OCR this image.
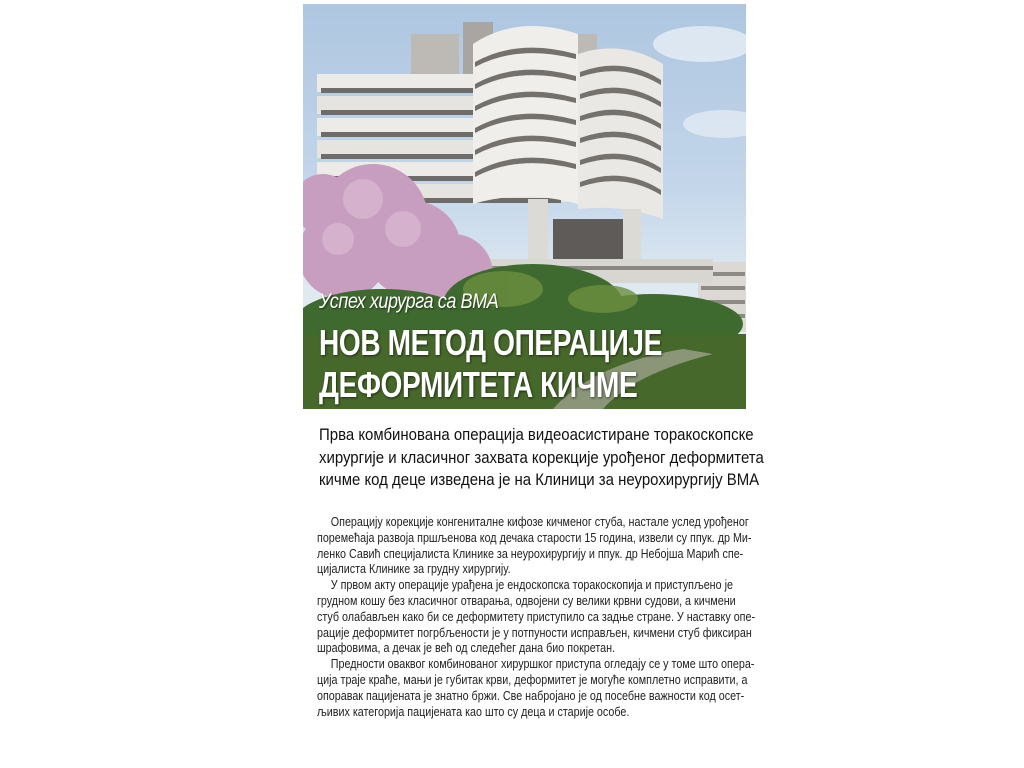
Успех хирурга са ВМА
НОВ МЕТОД ОПЕРАЦИЈЕ
ДЕФОРМИТЕТА КИЧМЕ
Прва комбинована операција видеоасистиране торакоскопске
хирургије и класичног захвата корекције урођеног деформитета
кичме код деце изведена је на Клиници за неурохирургију ВМА
Операцију корекције конгениталне кифозе кичменог стуба, настале услед урођеног
поремећаја развоја пршљенова код дечака старости 15 година, извели су ппук. др Ми-
ленко Савић специјалиста Клинике за неурохирургију и ппук. др Небојша Марић спе-
цијалиста Клинике за грудну хирургију.
У првом акту операције урађена је ендоскопска торакоскопија и приступљено је
грудном кошу без класичног отварања, одвојени су велики крвни судови, а кичмени
стуб олабављен како би се деформитету приступило са задње стране. У наставку опе-
рације деформитет погрбљености је у потпуности исправљен, кичмени стуб фиксиран
шрафовима, а дечак је већ од следећег дана био покретан.
Предности оваквог комбинованог хируршког приступа огледају се у томе што опера-
ција траје краће, мањи је губитак крви, деформитет је могуће комплетно исправити, а
опоравак пацијената је знатно бржи. Све набројано је од посебне важности код осет-
љивих категорија пацијената као што су деца и старије особе.
